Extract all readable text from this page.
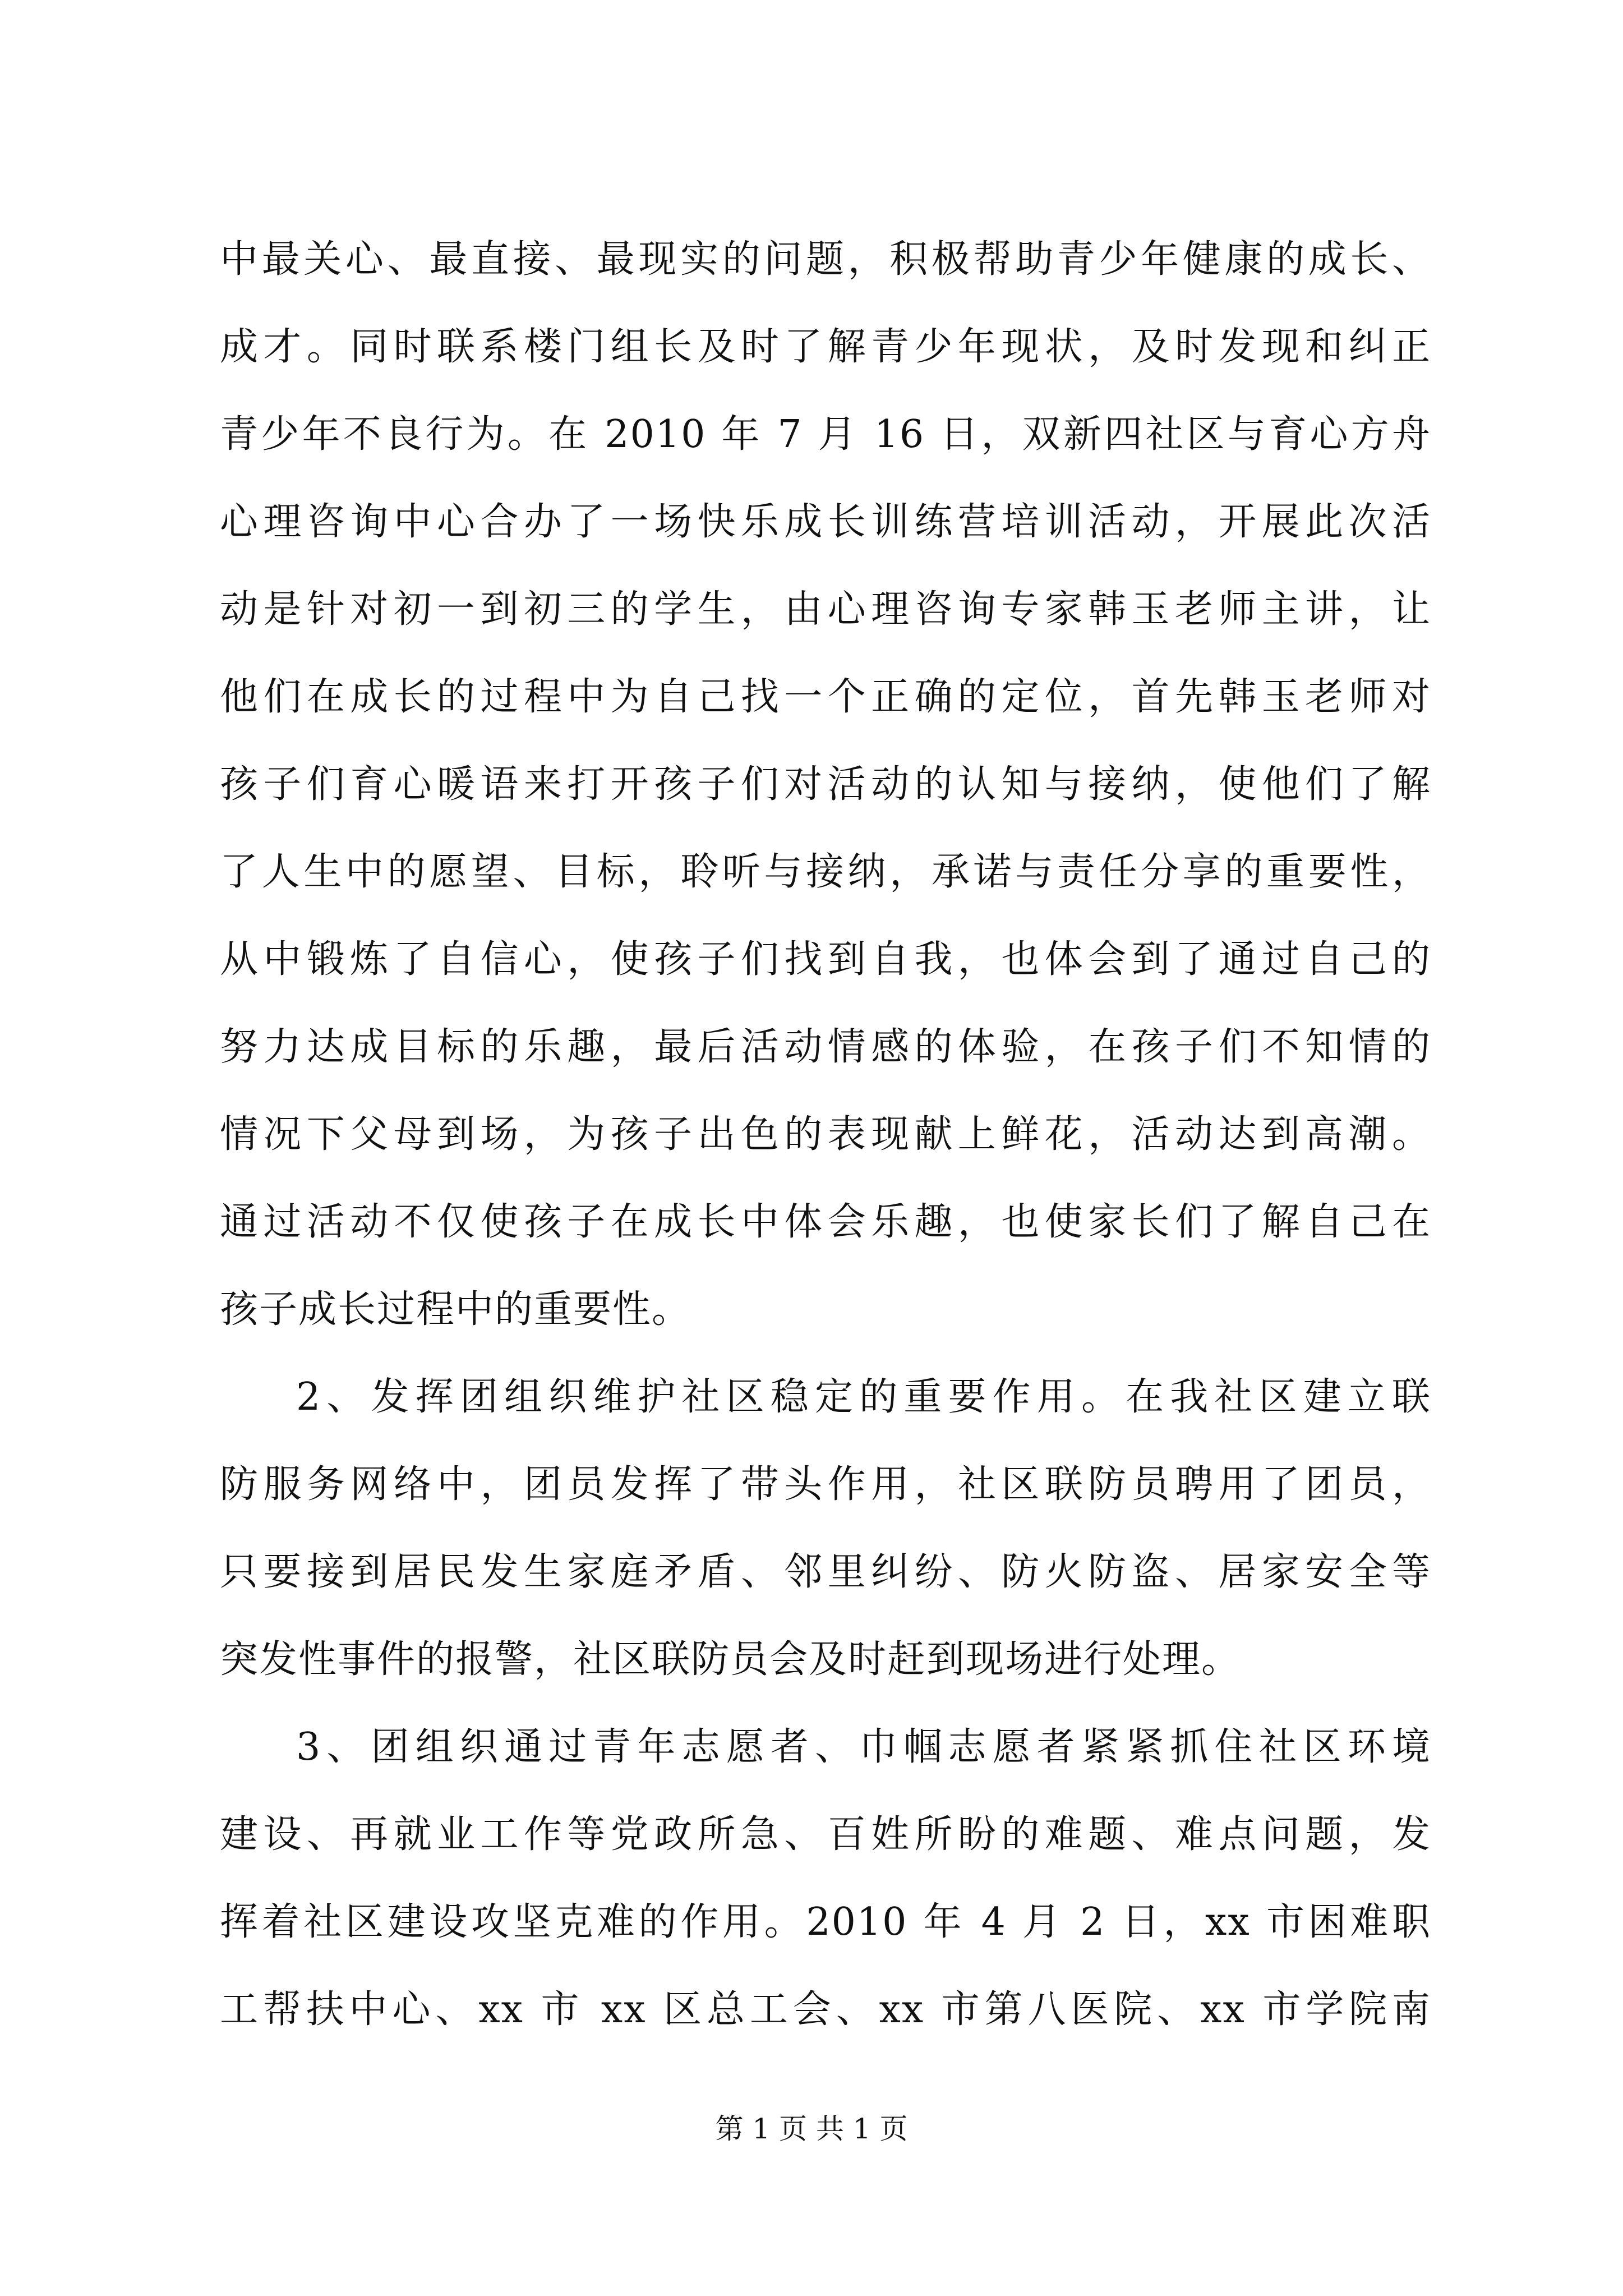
中最关心、最直接、最现实的问题，积极帮助青少年健康的成长、
成才。同时联系楼门组长及时了解青少年现状，及时发现和纠正
青少年不良行为。在 2010 年 7 月 16 日，双新四社区与育心方舟
心理咨询中心合办了一场快乐成长训练营培训活动，开展此次活
动是针对初一到初三的学生，由心理咨询专家韩玉老师主讲，让
他们在成长的过程中为自己找一个正确的定位，首先韩玉老师对
孩子们育心暖语来打开孩子们对活动的认知与接纳，使他们了解
了人生中的愿望、目标，聆听与接纳，承诺与责任分享的重要性，
从中锻炼了自信心，使孩子们找到自我，也体会到了通过自己的
努力达成目标的乐趣，最后活动情感的体验，在孩子们不知情的
情况下父母到场，为孩子出色的表现献上鲜花，活动达到高潮。
通过活动不仅使孩子在成长中体会乐趣，也使家长们了解自己在
孩子成长过程中的重要性。
2、发挥团组织维护社区稳定的重要作用。在我社区建立联
防服务网络中，团员发挥了带头作用，社区联防员聘用了团员，
只要接到居民发生家庭矛盾、邻里纠纷、防火防盗、居家安全等
突发性事件的报警，社区联防员会及时赶到现场进行处理。
3、团组织通过青年志愿者、巾帼志愿者紧紧抓住社区环境
建设、再就业工作等党政所急、百姓所盼的难题、难点问题，发
挥着社区建设攻坚克难的作用。2010 年 4 月 2 日，xx 市困难职
工帮扶中心、xx 市 xx 区总工会、xx 市第八医院、xx 市学院南
第 1 页 共 1 页
